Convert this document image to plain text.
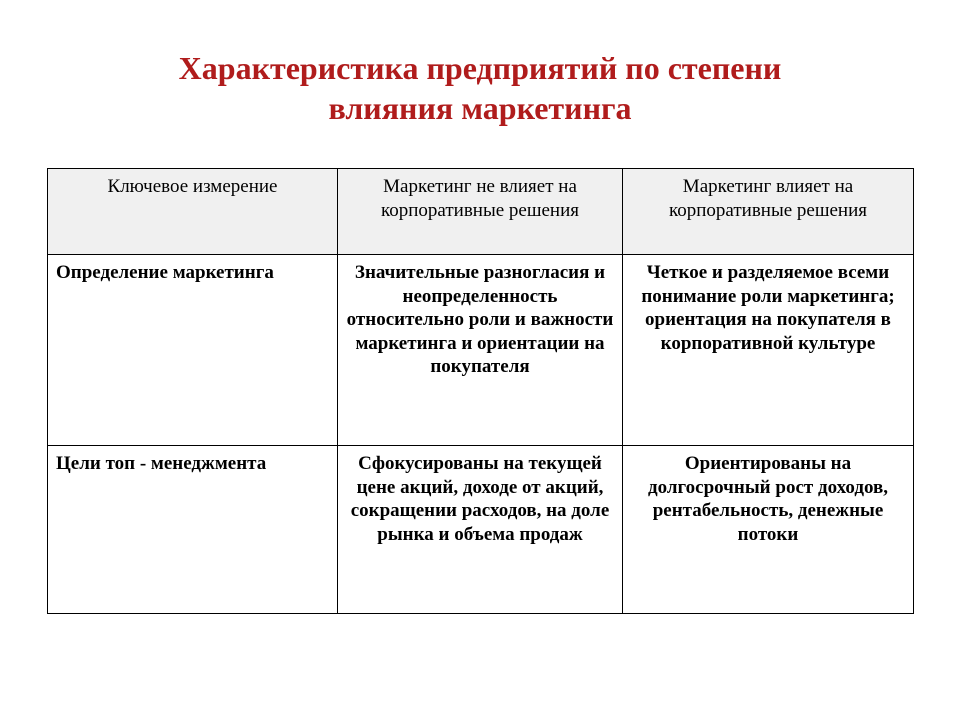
Характеристика предприятий по степени
влияния маркетинга
Ключевое измерение	Маркетинг не влияет на корпоративные решения	Маркетинг влияет на корпоративные решения
Определение маркетинга	Значительные разногласия и неопределенность относительно роли и важности маркетинга и ориентации на покупателя	Четкое и разделяемое всеми понимание роли маркетинга; ориентация на покупателя в корпоративной культуре
Цели топ - менеджмента	Сфокусированы на текущей цене акций, доходе от акций, сокращении расходов, на доле рынка и объема продаж	Ориентированы на долгосрочный рост доходов, рентабельность, денежные потоки
